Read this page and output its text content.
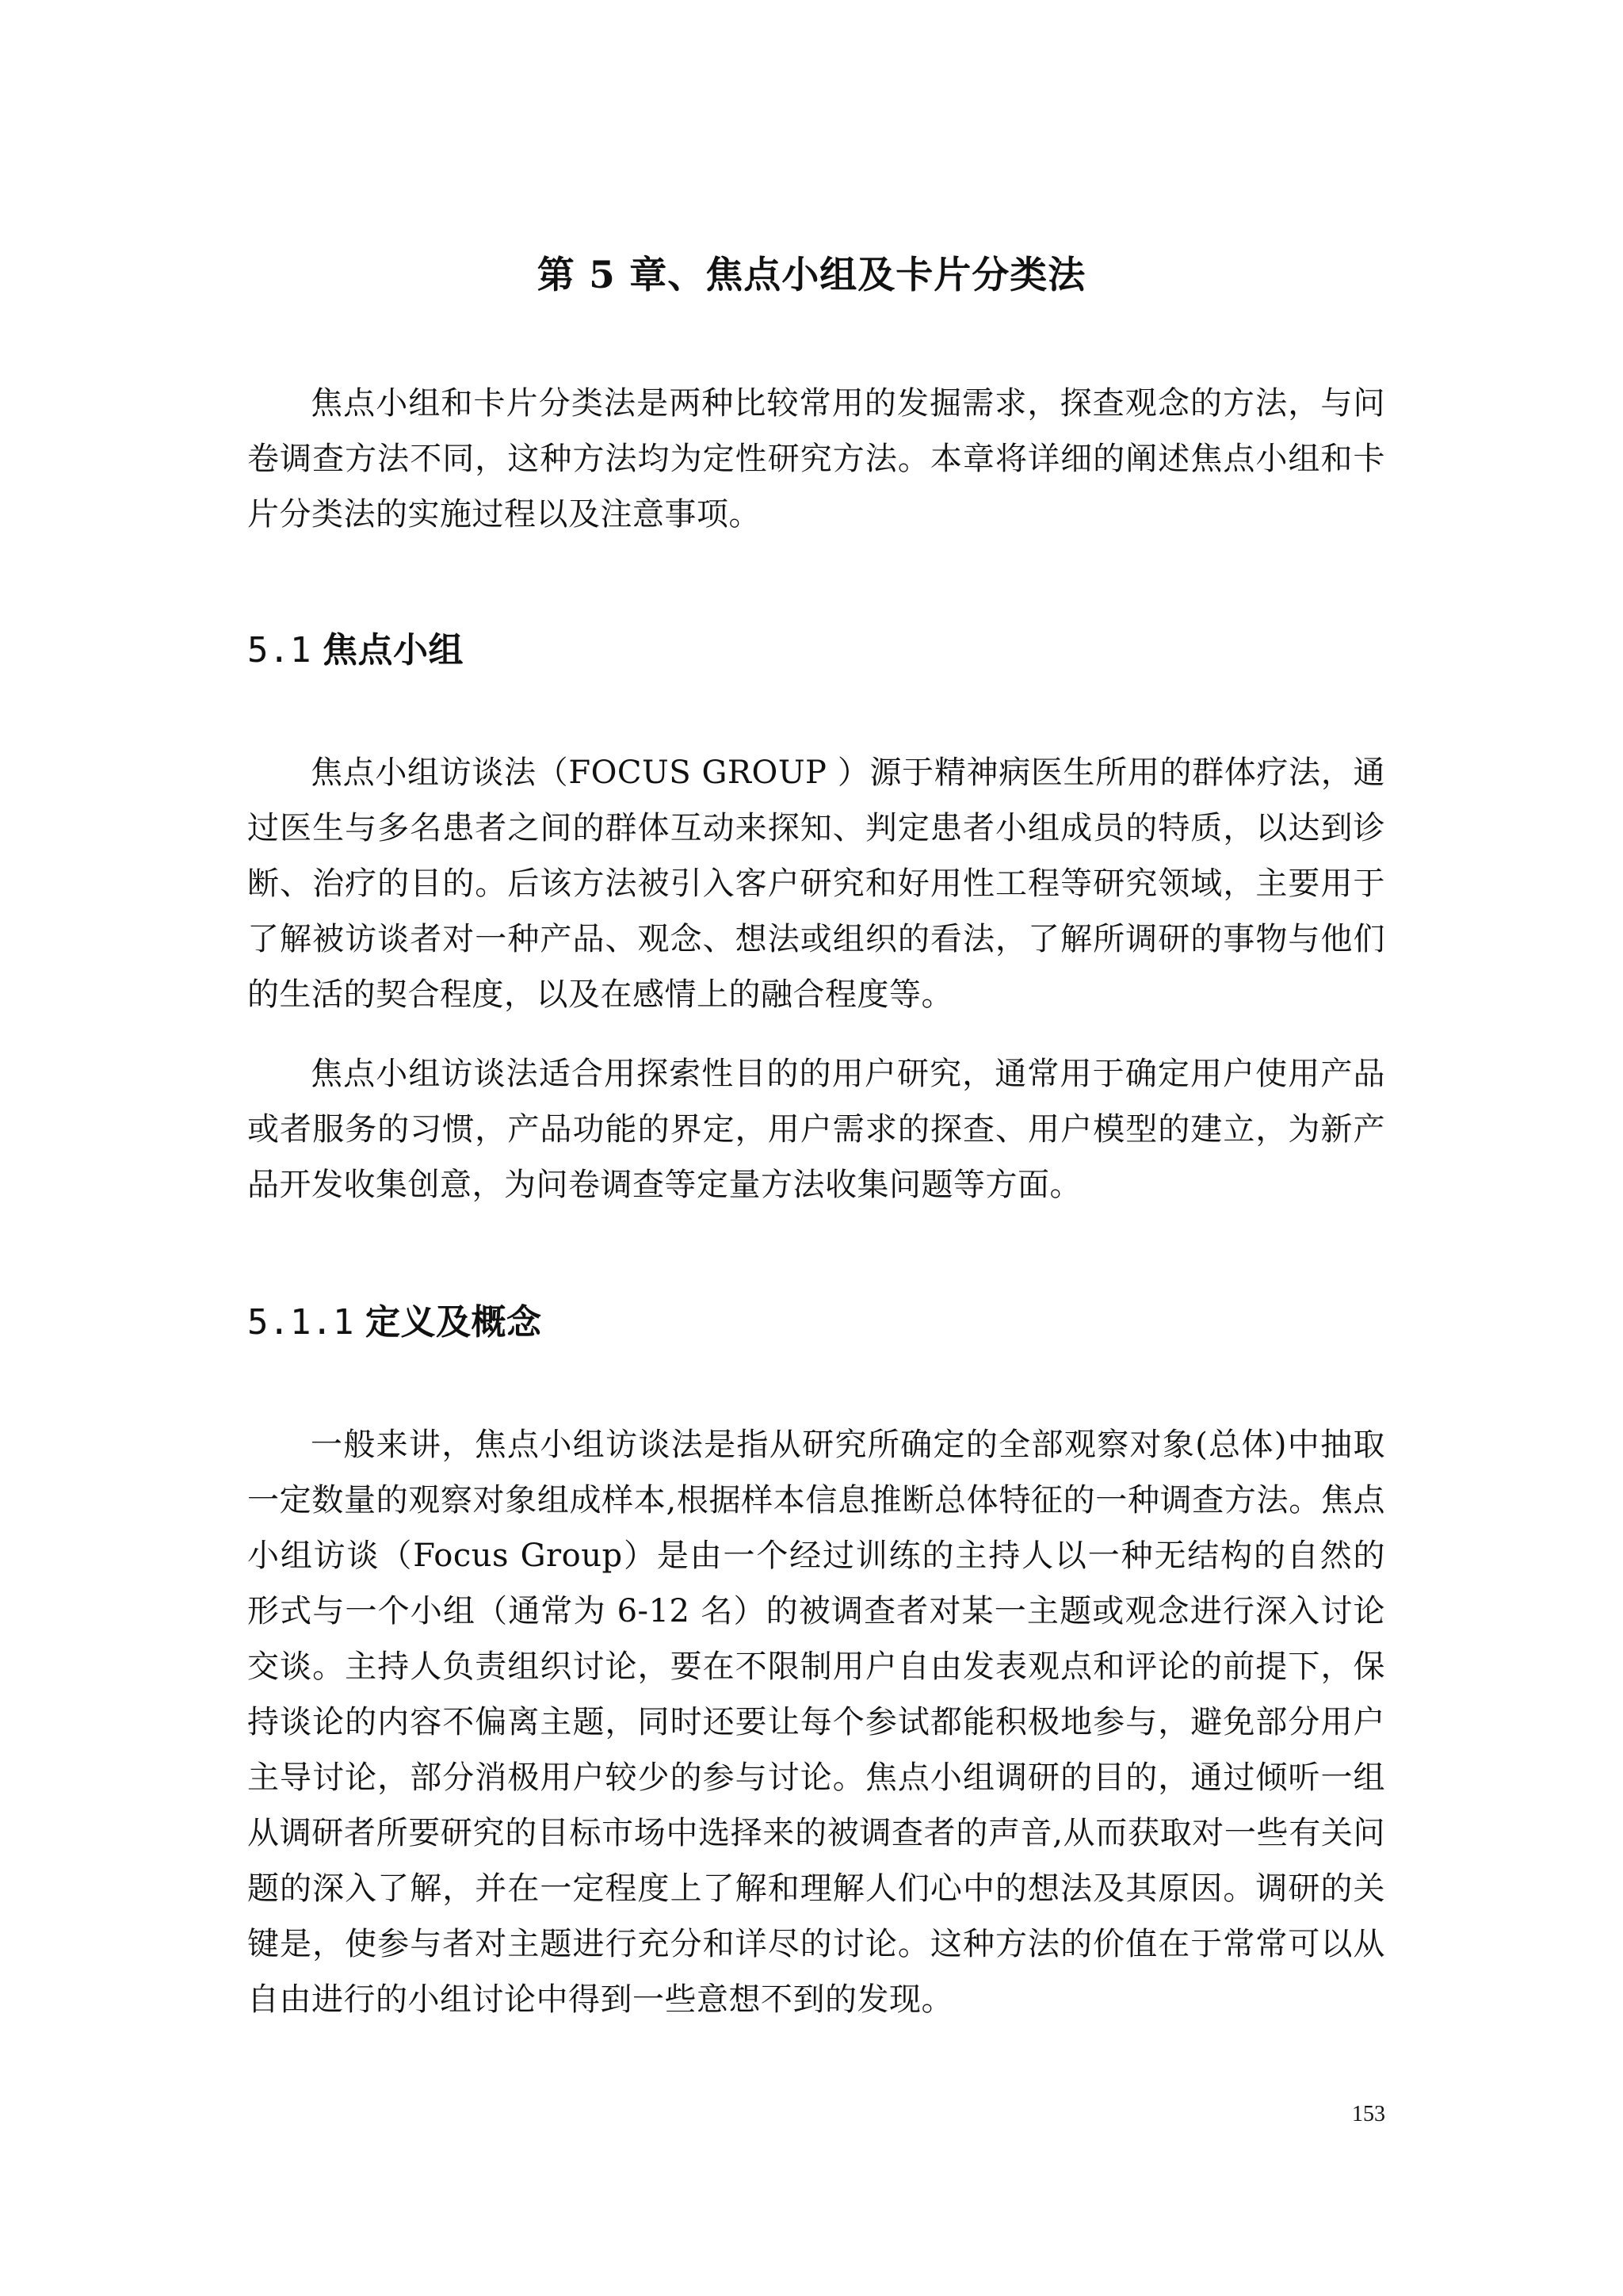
第 5 章、焦点小组及卡片分类法

焦点小组和卡片分类法是两种比较常用的发掘需求，探查观念的方法，与问卷调查方法不同，这种方法均为定性研究方法。本章将详细的阐述焦点小组和卡片分类法的实施过程以及注意事项。

5.1 焦点小组

焦点小组访谈法（FOCUS GROUP ）源于精神病医生所用的群体疗法，通过医生与多名患者之间的群体互动来探知、判定患者小组成员的特质，以达到诊断、治疗的目的。后该方法被引入客户研究和好用性工程等研究领域，主要用于了解被访谈者对一种产品、观念、想法或组织的看法，了解所调研的事物与他们的生活的契合程度，以及在感情上的融合程度等。

焦点小组访谈法适合用探索性目的的用户研究，通常用于确定用户使用产品或者服务的习惯，产品功能的界定，用户需求的探查、用户模型的建立，为新产品开发收集创意，为问卷调查等定量方法收集问题等方面。

5.1.1 定义及概念

一般来讲，焦点小组访谈法是指从研究所确定的全部观察对象(总体)中抽取一定数量的观察对象组成样本,根据样本信息推断总体特征的一种调查方法。焦点小组访谈（Focus Group）是由一个经过训练的主持人以一种无结构的自然的形式与一个小组（通常为 6-12 名）的被调查者对某一主题或观念进行深入讨论交谈。主持人负责组织讨论，要在不限制用户自由发表观点和评论的前提下，保持谈论的内容不偏离主题，同时还要让每个参试都能积极地参与，避免部分用户主导讨论，部分消极用户较少的参与讨论。焦点小组调研的目的，通过倾听一组从调研者所要研究的目标市场中选择来的被调查者的声音,从而获取对一些有关问题的深入了解，并在一定程度上了解和理解人们心中的想法及其原因。调研的关键是，使参与者对主题进行充分和详尽的讨论。这种方法的价值在于常常可以从自由进行的小组讨论中得到一些意想不到的发现。

153
